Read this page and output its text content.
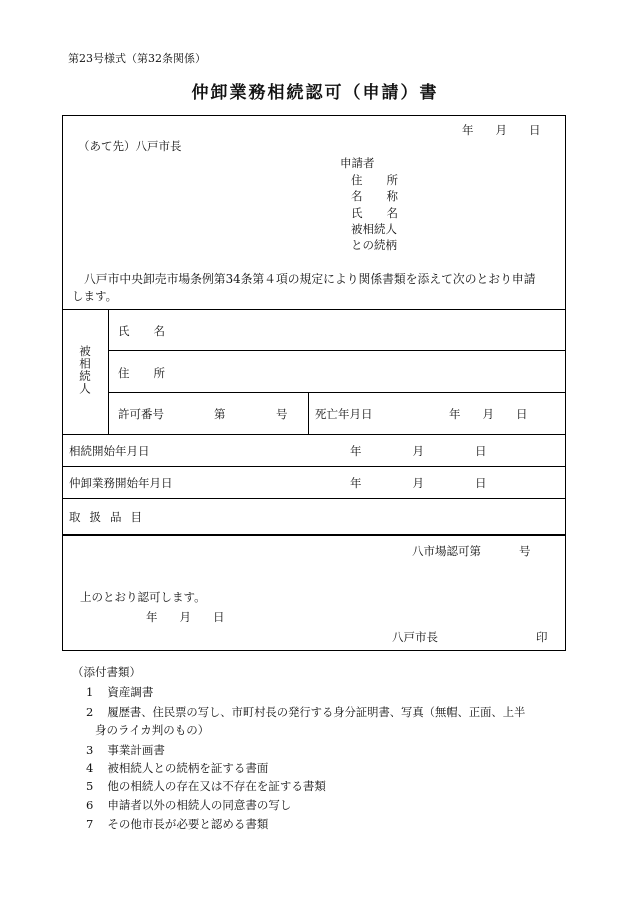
第23号様式（第32条関係）
仲卸業務相続認可（申請）書
年 月 日
（あて先）八戸市長
申請者
住 所
名 称
氏 名
被相続人
との続柄
八戸市中央卸売市場条例第34条第４項の規定により関係書類を添えて次のとおり申請
します。
被相続人
氏 名
住 所
許可番号	第	号 死亡年月日	年 月 日
相続開始年月日	年	月	日
仲卸業務開始年月日	年	月	日
取 扱 品 目
八市場認可第	号
上のとおり認可します。
年 月 日
八戸市長	印
（添付書類）
1 資産調書
2 履歴書、住民票の写し、市町村長の発行する身分証明書、写真（無帽、正面、上半
身のライカ判のもの）
3 事業計画書
4 被相続人との続柄を証する書面
5 他の相続人の存在又は不存在を証する書類
6 申請者以外の相続人の同意書の写し
7 その他市長が必要と認める書類
